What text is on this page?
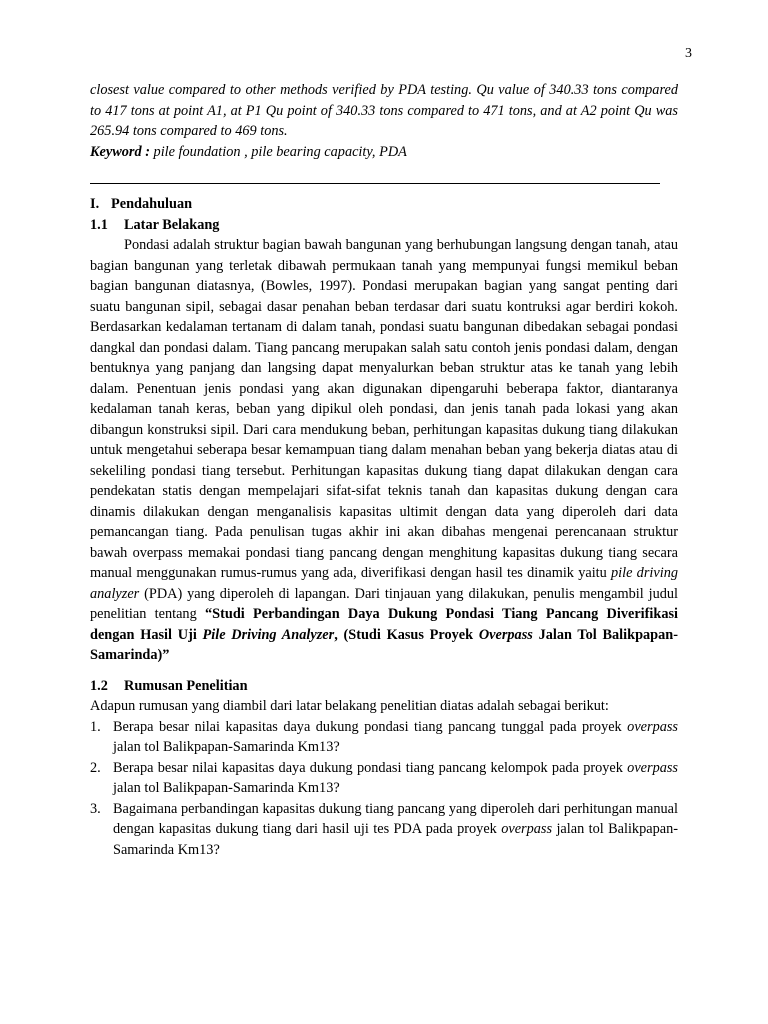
3

closest value compared to other methods verified by PDA testing. Qu value of 340.33 tons compared to 417 tons at point A1, at P1 Qu point of 340.33 tons compared to 471 tons, and at A2 point Qu was 265.94 tons compared to 469 tons.

Keyword : pile foundation , pile bearing capacity, PDA

I. Pendahuluan
1.1 Latar Belakang

Pondasi adalah struktur bagian bawah bangunan yang berhubungan langsung dengan tanah, atau bagian bangunan yang terletak dibawah permukaan tanah yang mempunyai fungsi memikul beban bagian bangunan diatasnya, (Bowles, 1997). Pondasi merupakan bagian yang sangat penting dari suatu bangunan sipil, sebagai dasar penahan beban terdasar dari suatu kontruksi agar berdiri kokoh. Berdasarkan kedalaman tertanam di dalam tanah, pondasi suatu bangunan dibedakan sebagai pondasi dangkal dan pondasi dalam. Tiang pancang merupakan salah satu contoh jenis pondasi dalam, dengan bentuknya yang panjang dan langsing dapat menyalurkan beban struktur atas ke tanah yang lebih dalam. Penentuan jenis pondasi yang akan digunakan dipengaruhi beberapa faktor, diantaranya kedalaman tanah keras, beban yang dipikul oleh pondasi, dan jenis tanah pada lokasi yang akan dibangun konstruksi sipil. Dari cara mendukung beban, perhitungan kapasitas dukung tiang dilakukan untuk mengetahui seberapa besar kemampuan tiang dalam menahan beban yang bekerja diatas atau di sekeliling pondasi tiang tersebut. Perhitungan kapasitas dukung tiang dapat dilakukan dengan cara pendekatan statis dengan mempelajari sifat-sifat teknis tanah dan kapasitas dukung dengan cara dinamis dilakukan dengan menganalisis kapasitas ultimit dengan data yang diperoleh dari data pemancangan tiang. Pada penulisan tugas akhir ini akan dibahas mengenai perencanaan struktur bawah overpass memakai pondasi tiang pancang dengan menghitung kapasitas dukung tiang secara manual menggunakan rumus-rumus yang ada, diverifikasi dengan hasil tes dinamik yaitu pile driving analyzer (PDA) yang diperoleh di lapangan. Dari tinjauan yang dilakukan, penulis mengambil judul penelitian tentang “Studi Perbandingan Daya Dukung Pondasi Tiang Pancang Diverifikasi dengan Hasil Uji Pile Driving Analyzer, (Studi Kasus Proyek Overpass Jalan Tol Balikpapan-Samarinda)”

1.2 Rumusan Penelitian

Adapun rumusan yang diambil dari latar belakang penelitian diatas adalah sebagai berikut:

1. Berapa besar nilai kapasitas daya dukung pondasi tiang pancang tunggal pada proyek overpass jalan tol Balikpapan-Samarinda Km13?
2. Berapa besar nilai kapasitas daya dukung pondasi tiang pancang kelompok pada proyek overpass jalan tol Balikpapan-Samarinda Km13?
3. Bagaimana perbandingan kapasitas dukung tiang pancang yang diperoleh dari perhitungan manual dengan kapasitas dukung tiang dari hasil uji tes PDA pada proyek overpass jalan tol Balikpapan-Samarinda Km13?
